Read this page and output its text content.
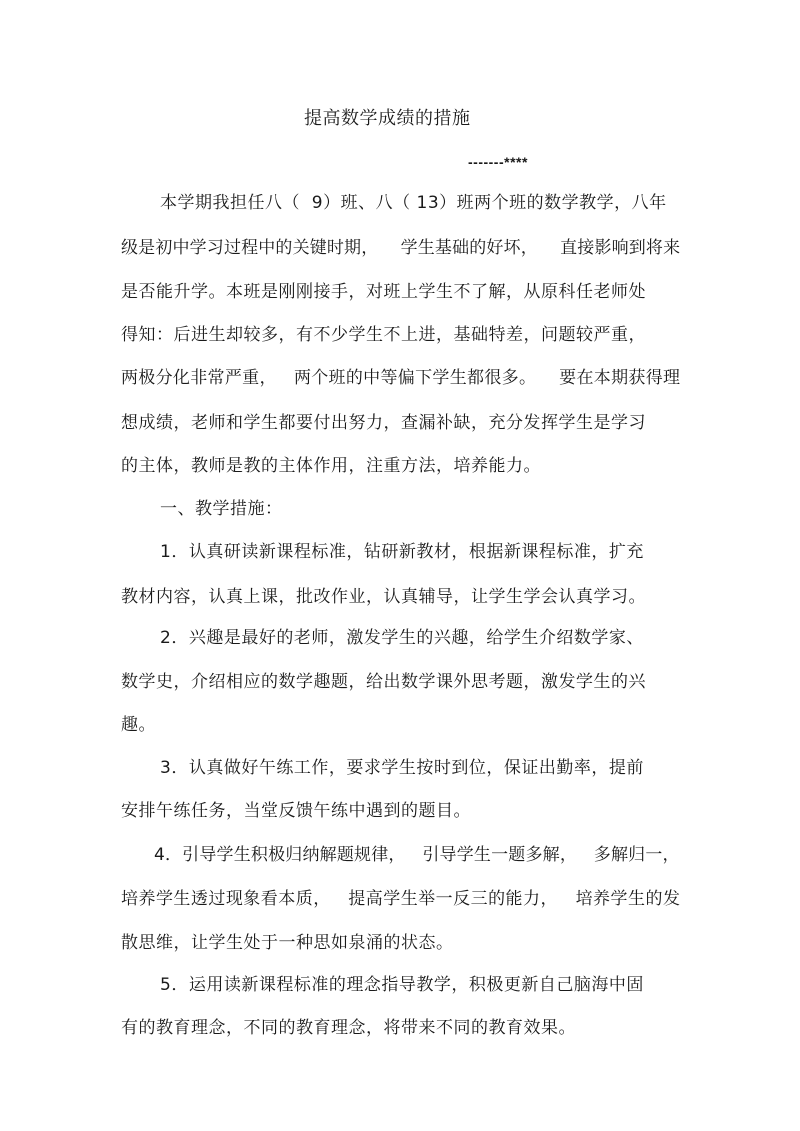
提高数学成绩的措施
-------****
本学期我担任八（  9）班、八（ 13）班两个班的数学教学，八年
级是初中学习过程中的关键时期，    学生基础的好坏，    直接影响到将来
是否能升学。本班是刚刚接手，对班上学生不了解，从原科任老师处
得知：后进生却较多，有不少学生不上进，基础特差，问题较严重，
两极分化非常严重，   两个班的中等偏下学生都很多。    要在本期获得理
想成绩，老师和学生都要付出努力，查漏补缺，充分发挥学生是学习
的主体，教师是教的主体作用，注重方法，培养能力。
一、教学措施：
1．认真研读新课程标准，钻研新教材，根据新课程标准，扩充
教材内容，认真上课，批改作业，认真辅导，让学生学会认真学习。
2．兴趣是最好的老师，激发学生的兴趣，给学生介绍数学家、
数学史，介绍相应的数学趣题，给出数学课外思考题，激发学生的兴
趣。
3．认真做好午练工作，要求学生按时到位，保证出勤率，提前
安排午练任务，当堂反馈午练中遇到的题目。
4．引导学生积极归纳解题规律，   引导学生一题多解，   多解归一，
培养学生透过现象看本质，   提高学生举一反三的能力，   培养学生的发
散思维，让学生处于一种思如泉涌的状态。
5．运用读新课程标准的理念指导教学，积极更新自己脑海中固
有的教育理念，不同的教育理念，将带来不同的教育效果。
